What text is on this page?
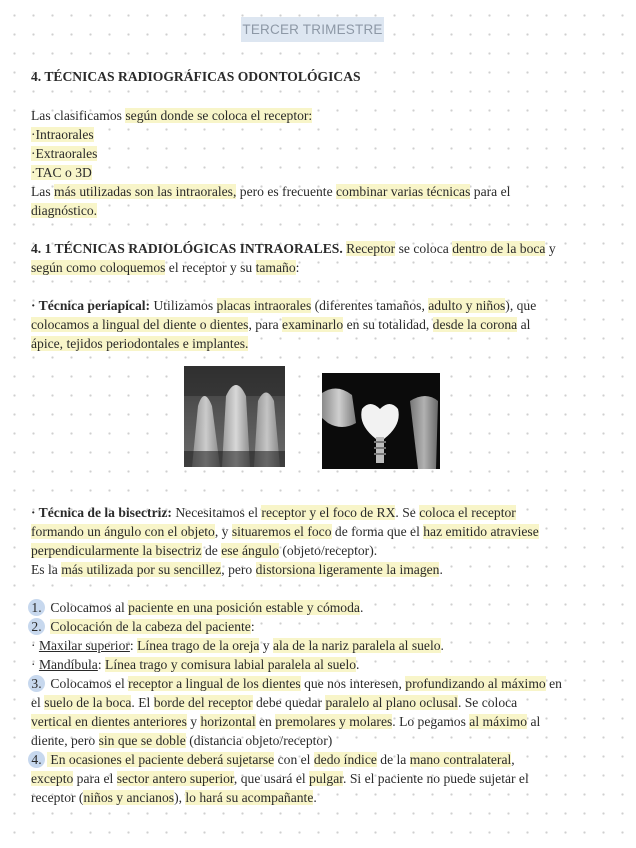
TERCER TRIMESTRE
4. TÉCNICAS RADIOGRÁFICAS ODONTOLÓGICAS
Las clasificamos según donde se coloca el receptor:
·Intraorales
·Extraorales
·TAC o 3D
Las más utilizadas son las intraorales, pero es frecuente combinar varias técnicas para el
diagnóstico.
4. 1 TÉCNICAS RADIOLÓGICAS INTRAORALES. Receptor se coloca dentro de la boca y
según como coloquemos el receptor y su tamaño:
· Técnica periapical: Utilizamos placas intraorales (diferentes tamaños, adulto y niños), que
colocamos a lingual del diente o dientes, para examinarlo en su totalidad, desde la corona al
ápice, tejidos periodontales e implantes.
· Técnica de la bisectriz: Necesitamos el receptor y el foco de RX. Se coloca el receptor
formando un ángulo con el objeto, y situaremos el foco de forma que el haz emitido atraviese
perpendicularmente la bisectriz de ese ángulo (objeto/receptor).
Es la más utilizada por su sencillez, pero distorsiona ligeramente la imagen.
1. Colocamos al paciente en una posición estable y cómoda.
2. Colocación de la cabeza del paciente:
· Maxilar superior: Línea trago de la oreja y ala de la nariz paralela al suelo.
· Mandíbula: Línea trago y comisura labial paralela al suelo.
3. Colocamos el receptor a lingual de los dientes que nos interesen, profundizando al máximo en
el suelo de la boca. El borde del receptor debe quedar paralelo al plano oclusal. Se coloca
vertical en dientes anteriores y horizontal en premolares y molares. Lo pegamos al máximo al
diente, pero sin que se doble (distancia objeto/receptor)
4. En ocasiones el paciente deberá sujetarse con el dedo índice de la mano contralateral,
excepto para el sector antero superior, que usará el pulgar. Si el paciente no puede sujetar el
receptor (niños y ancianos), lo hará su acompañante.
